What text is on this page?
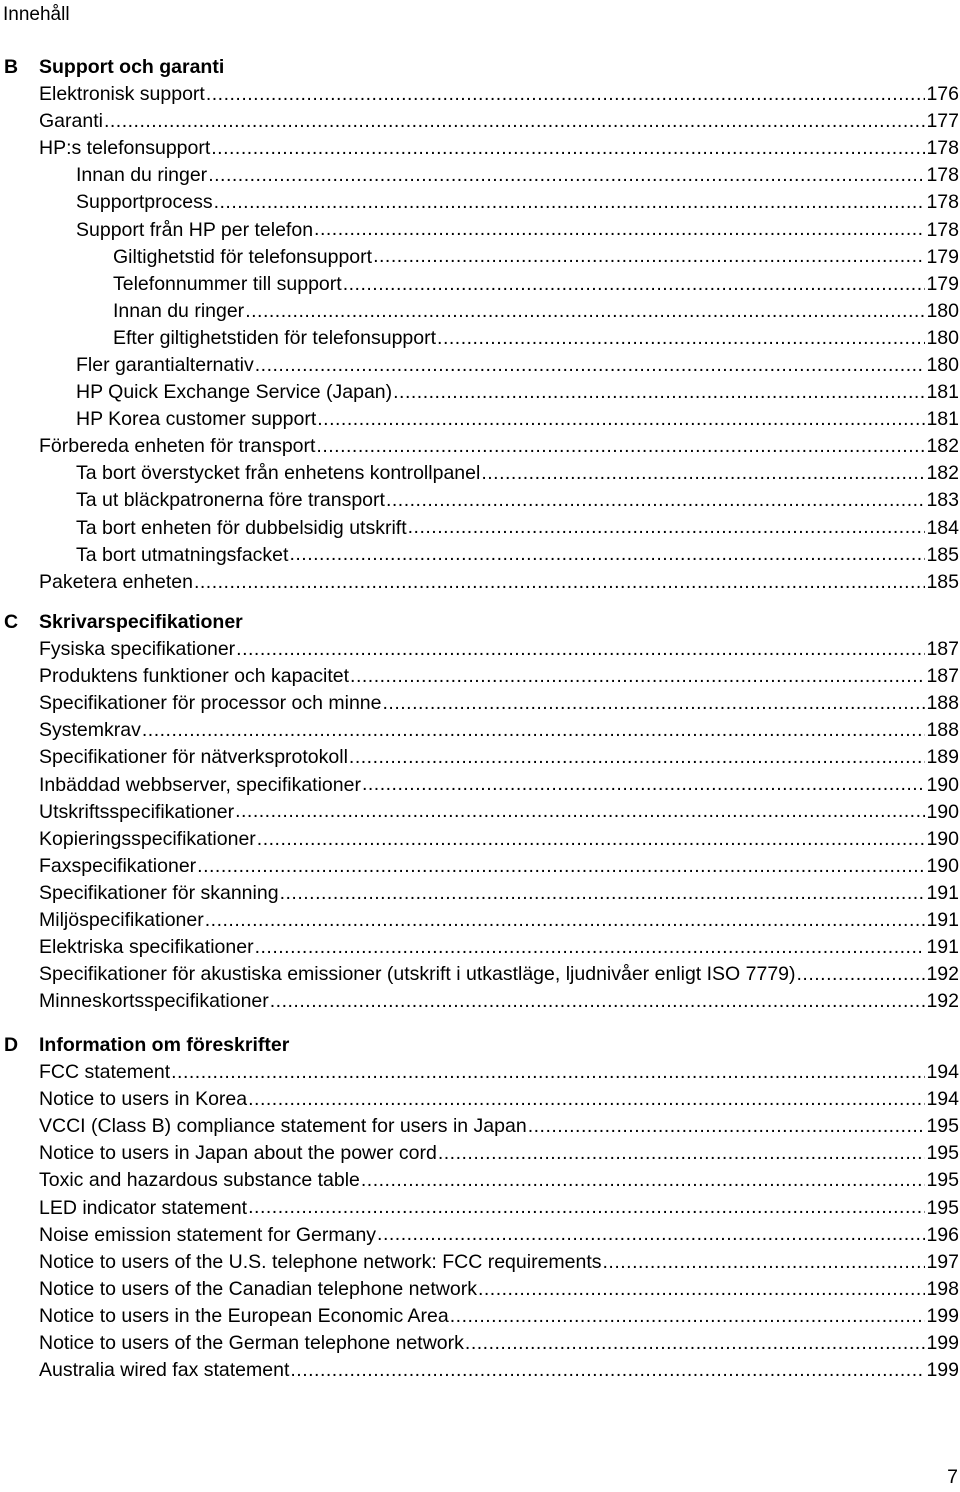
Innehåll
B	Support och garanti
Elektronisk support .....	176
Garanti .....	177
HP:s telefonsupport .....	178
Innan du ringer .....	178
Supportprocess .....	178
Support från HP per telefon .....	178
Giltighetstid för telefonsupport .....	179
Telefonnummer till support .....	179
Innan du ringer .....	180
Efter giltighetstiden för telefonsupport .....	180
Fler garantialternativ .....	180
HP Quick Exchange Service (Japan) .....	181
HP Korea customer support .....	181
Förbereda enheten för transport .....	182
Ta bort överstycket från enhetens kontrollpanel .....	182
Ta ut bläckpatronerna före transport .....	183
Ta bort enheten för dubbelsidig utskrift .....	184
Ta bort utmatningsfacket .....	185
Paketera enheten .....	185
C	Skrivarspecifikationer
Fysiska specifikationer .....	187
Produktens funktioner och kapacitet .....	187
Specifikationer för processor och minne .....	188
Systemkrav .....	188
Specifikationer för nätverksprotokoll .....	189
Inbäddad webbserver, specifikationer .....	190
Utskriftsspecifikationer .....	190
Kopieringsspecifikationer .....	190
Faxspecifikationer .....	190
Specifikationer för skanning .....	191
Miljöspecifikationer .....	191
Elektriska specifikationer .....	191
Specifikationer för akustiska emissioner (utskrift i utkastläge, ljudnivåer enligt ISO 7779) .....	192
Minneskortsspecifikationer .....	192
D	Information om föreskrifter
FCC statement .....	194
Notice to users in Korea .....	194
VCCI (Class B) compliance statement for users in Japan .....	195
Notice to users in Japan about the power cord .....	195
Toxic and hazardous substance table .....	195
LED indicator statement .....	195
Noise emission statement for Germany .....	196
Notice to users of the U.S. telephone network: FCC requirements .....	197
Notice to users of the Canadian telephone network .....	198
Notice to users in the European Economic Area .....	199
Notice to users of the German telephone network .....	199
Australia wired fax statement .....	199
7
